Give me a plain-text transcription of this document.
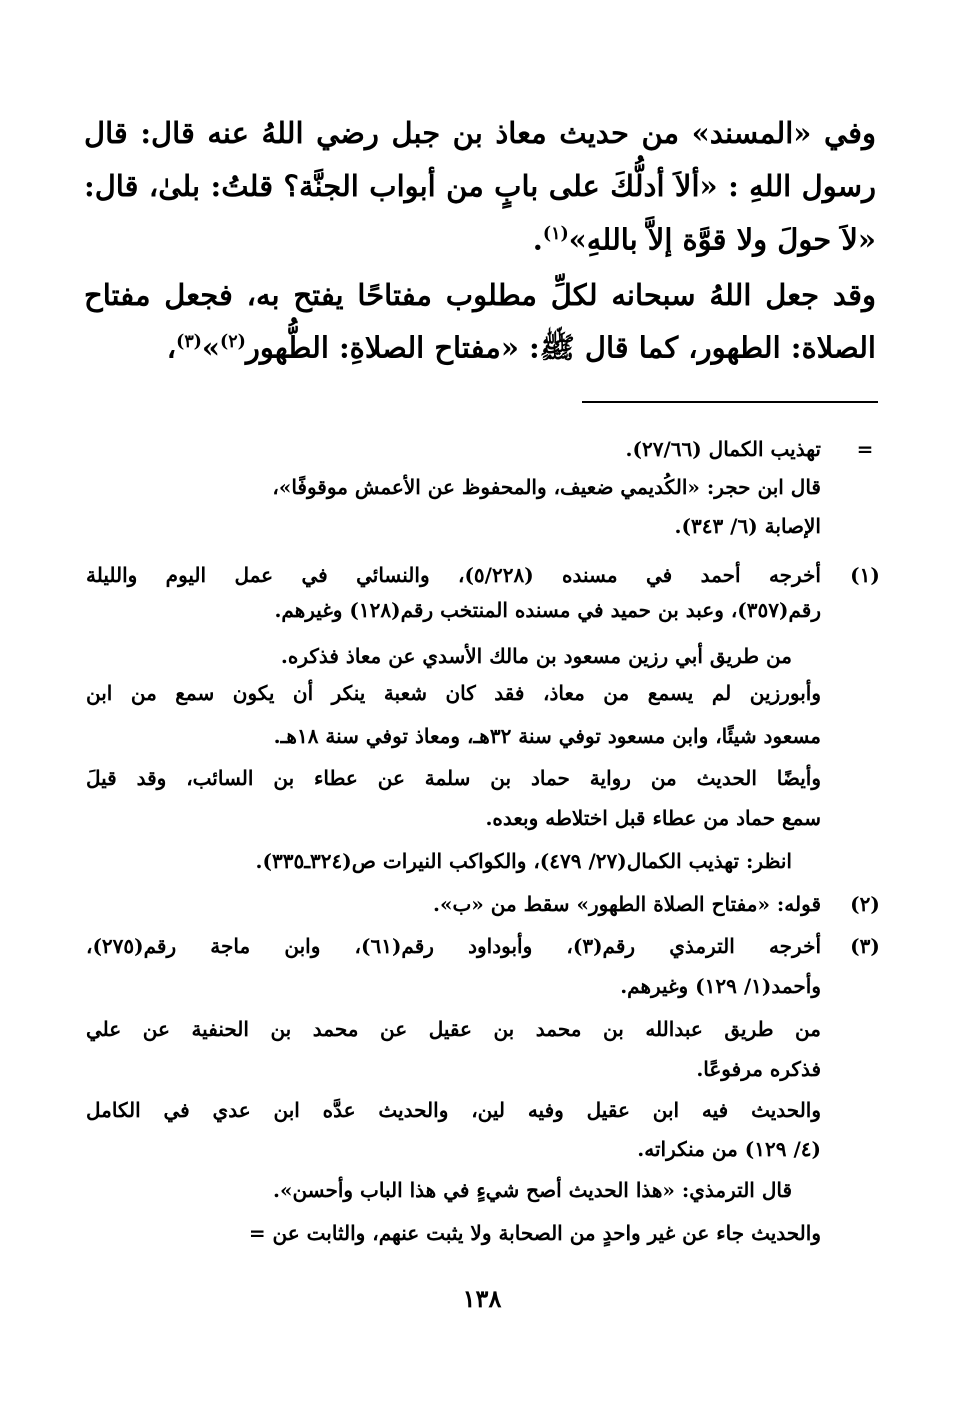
وفي «المسند» من حديث معاذ بن جبل رضي اللهُ عنه قال: قال
رسول اللهِ : «ألاَ أدلُّكَ على بابٍ من أبواب الجنَّة؟ قلتُ: بلىٰ، قال:
«لاَ حولَ ولا قوَّة إلاَّ باللهِ»$^{(١)}$.
وقد جعل اللهُ سبحانه لكلِّ مطلوب مفتاحًا يفتح به، فجعل مفتاح
الصلاة: الطهور، كما قال ﷺ: «مفتاح الصلاةِ: الطُّهور$^{(٢)}$»$^{(٣)}$،
=
تهذيب الكمال (٢٧/٦٦).
قال ابن حجر: «الكُديمي ضعيف، والمحفوظ عن الأعمش موقوفًا»،
الإصابة (٦/ ٣٤٣).
(١)
أخرجه أحمد في مسنده (٥/٢٢٨)، والنسائي في عمل اليوم والليلة
رقم(٣٥٧)، وعبد بن حميد في مسنده المنتخب رقم(١٢٨) وغيرهم.
من طريق أبي رزين مسعود بن مالك الأسدي عن معاذ فذكره.
وأبورزين لم يسمع من معاذ، فقد كان شعبة ينكر أن يكون سمع من ابن
مسعود شيئًا، وابن مسعود توفي سنة ٣٢هـ، ومعاذ توفي سنة ١٨هـ.
وأيضًا الحديث من رواية حماد بن سلمة عن عطاء بن السائب، وقد قيلَ
سمع حماد من عطاء قبل اختلاطه وبعده.
انظر: تهذيب الكمال(٢٧/ ٤٧٩)، والكواكب النيرات ص(٣٢٤ـ٣٣٥).
(٢)
قوله: «مفتاح الصلاة الطهور» سقط من «ب».
(٣)
أخرجه الترمذي رقم(٣)، وأبوداود رقم(٦١)، وابن ماجة رقم(٢٧٥)،
وأحمد(١/ ١٢٩) وغيرهم.
من طريق عبدالله بن محمد بن عقيل عن محمد بن الحنفية عن علي
فذكره مرفوعًا.
والحديث فيه ابن عقيل وفيه لين، والحديث عدَّه ابن عدي في الكامل
(٤/ ١٢٩) من منكراته.
قال الترمذي: «هذا الحديث أصح شيءٍ في هذا الباب وأحسن».
والحديث جاء عن غير واحدٍ من الصحابة ولا يثبت عنهم، والثابت عن =
١٣٨
